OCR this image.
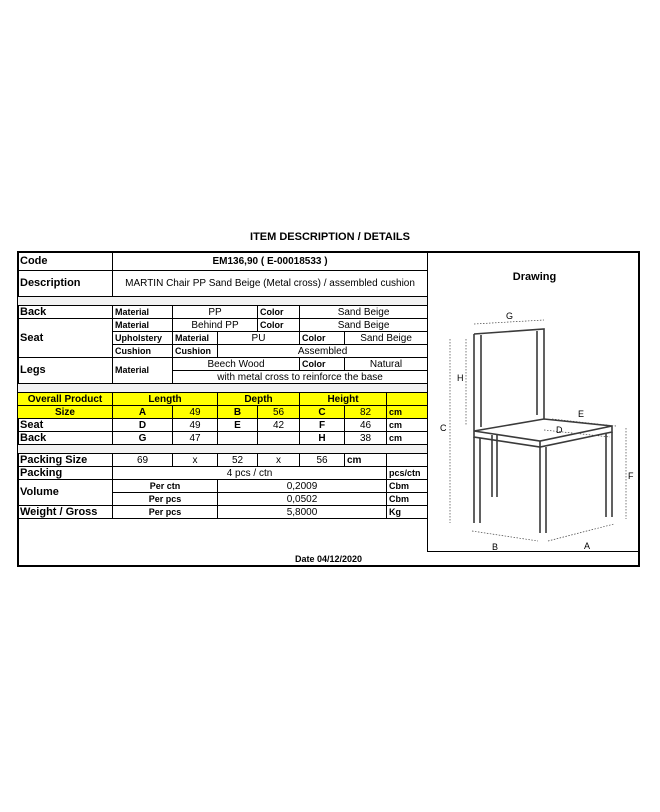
ITEM DESCRIPTION / DETAILS
Code	EM136,90 ( E-00018533 )						
Description	MARTIN Chair PP Sand Beige (Metal cross) / assembled cushion						

Back	Material	PP		Color	Sand Beige		
Seat	Material	Behind PP		Color	Sand Beige		
	Upholstery	Material	PU		Color	Sand Beige	
	Cushion	Cushion	Assembled				
Legs	Material	Beech Wood			Color	Natural	
		with metal cross to reinforce the base					

Overall Product	Length		Depth		Height		
Size	A	49	B	56	C	82	cm
Seat	D	49	E	42	F	46	cm
Back	G	47			H	38	cm

Packing Size	69	x	52	x	56	cm	
Packing	4 pcs / ctn						pcs/ctn
Volume	Per ctn		0,2009				Cbm
	Per pcs		0,0502				Cbm
Weight / Gross	Per pcs		5,8000				Kg
Drawing
G
H
C
E
D
F
B	A
Date 04/12/2020
